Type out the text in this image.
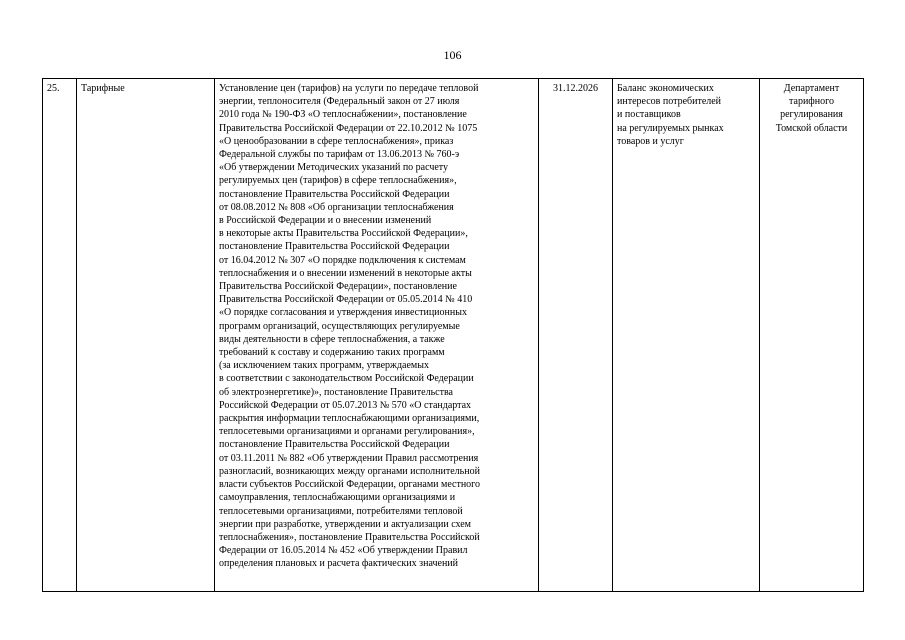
106
25.	Тарифные	Установление цен (тарифов) на услуги по передаче тепловой
энергии, теплоносителя (Федеральный закон от 27 июля
2010 года № 190-ФЗ «О теплоснабжении», постановление
Правительства Российской Федерации от 22.10.2012 № 1075
«О ценообразовании в сфере теплоснабжения», приказ
Федеральной службы по тарифам от 13.06.2013 № 760-э
«Об утверждении Методических указаний по расчету
регулируемых цен (тарифов) в сфере теплоснабжения»,
постановление Правительства Российской Федерации
от 08.08.2012 № 808 «Об организации теплоснабжения
в Российской Федерации и о внесении изменений
в некоторые акты Правительства Российской Федерации»,
постановление Правительства Российской Федерации
от 16.04.2012 № 307 «О порядке подключения к системам
теплоснабжения и о внесении изменений в некоторые акты
Правительства Российской Федерации», постановление
Правительства Российской Федерации от 05.05.2014 № 410
«О порядке согласования и утверждения инвестиционных
программ организаций, осуществляющих регулируемые
виды деятельности в сфере теплоснабжения, а также
требований к составу и содержанию таких программ
(за исключением таких программ, утверждаемых
в соответствии с законодательством Российской Федерации
об электроэнергетике)», постановление Правительства
Российской Федерации от 05.07.2013 № 570 «О стандартах
раскрытия информации теплоснабжающими организациями,
теплосетевыми организациями и органами регулирования»,
постановление Правительства Российской Федерации
от 03.11.2011 № 882 «Об утверждении Правил рассмотрения
разногласий, возникающих между органами исполнительной
власти субъектов Российской Федерации, органами местного
самоуправления, теплоснабжающими организациями и
теплосетевыми организациями, потребителями тепловой
энергии при разработке, утверждении и актуализации схем
теплоснабжения», постановление Правительства Российской
Федерации от 16.05.2014 № 452 «Об утверждении Правил
определения плановых и расчета фактических значений
	31.12.2026	Баланс экономических
интересов потребителей
и поставщиков
на регулируемых рынках
товаров и услуг	Департамент
тарифного
регулирования
Томской области
